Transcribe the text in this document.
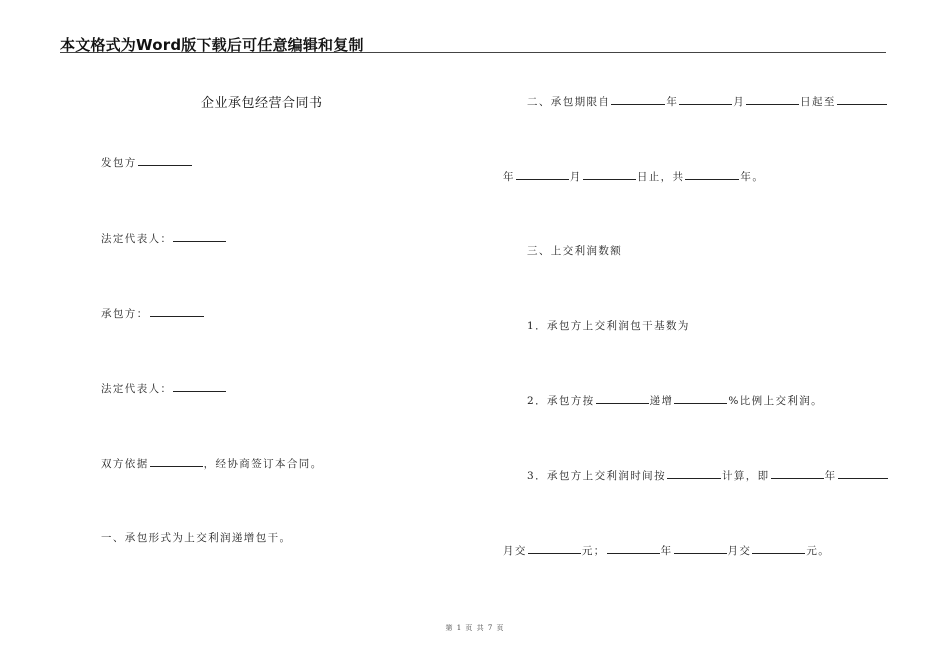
本文格式为Word版下载后可任意编辑和复制
企业承包经营合同书
发包方
法定代表人：
承包方：
法定代表人：
双方依据	，经协商签订本合同。
一、承包形式为上交利润递增包干。
二、承包期限自	年	月	日起至
年	月	日止，共	年。
三、上交利润数额
1．承包方上交利润包干基数为
2．承包方按	递增	%比例上交利润。
3．承包方上交利润时间按	计算，即	年
月交	元；	年	月交	元。
第 1 页 共 7 页
